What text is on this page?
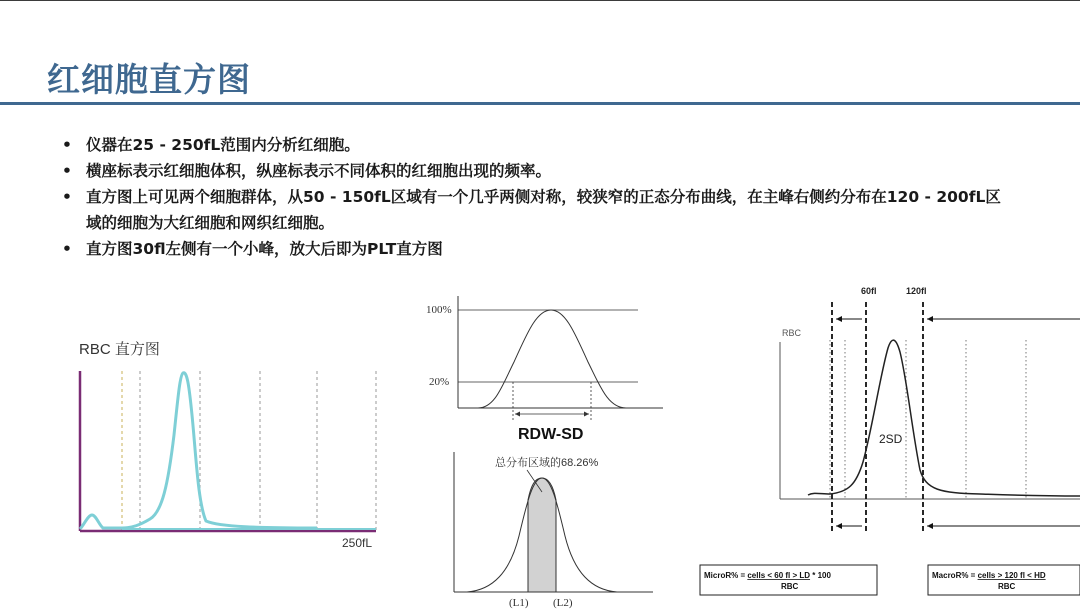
红细胞直方图
• 仪器在25 - 250fL范围内分析红细胞。
• 横座标表示红细胞体积，纵座标表示不同体积的红细胞出现的频率。
• 直方图上可见两个细胞群体，从50 - 150fL区域有一个几乎两侧对称，较狭窄的正态分布曲线，在主峰右侧约分布在120 - 200fL区域的细胞为大红细胞和网织红细胞。
• 直方图30fl左侧有一个小峰，放大后即为PLT直方图
RBC 直方图
250fL
100%
20%
RDW-SD
总分布区域的68.26%
(L1) (L2)
60fl	120fl
RBC
2SD
MicroR% = cells < 60 fl > LD * 100
RBC
MacroR% = cells > 120 fl < HD
RBC
